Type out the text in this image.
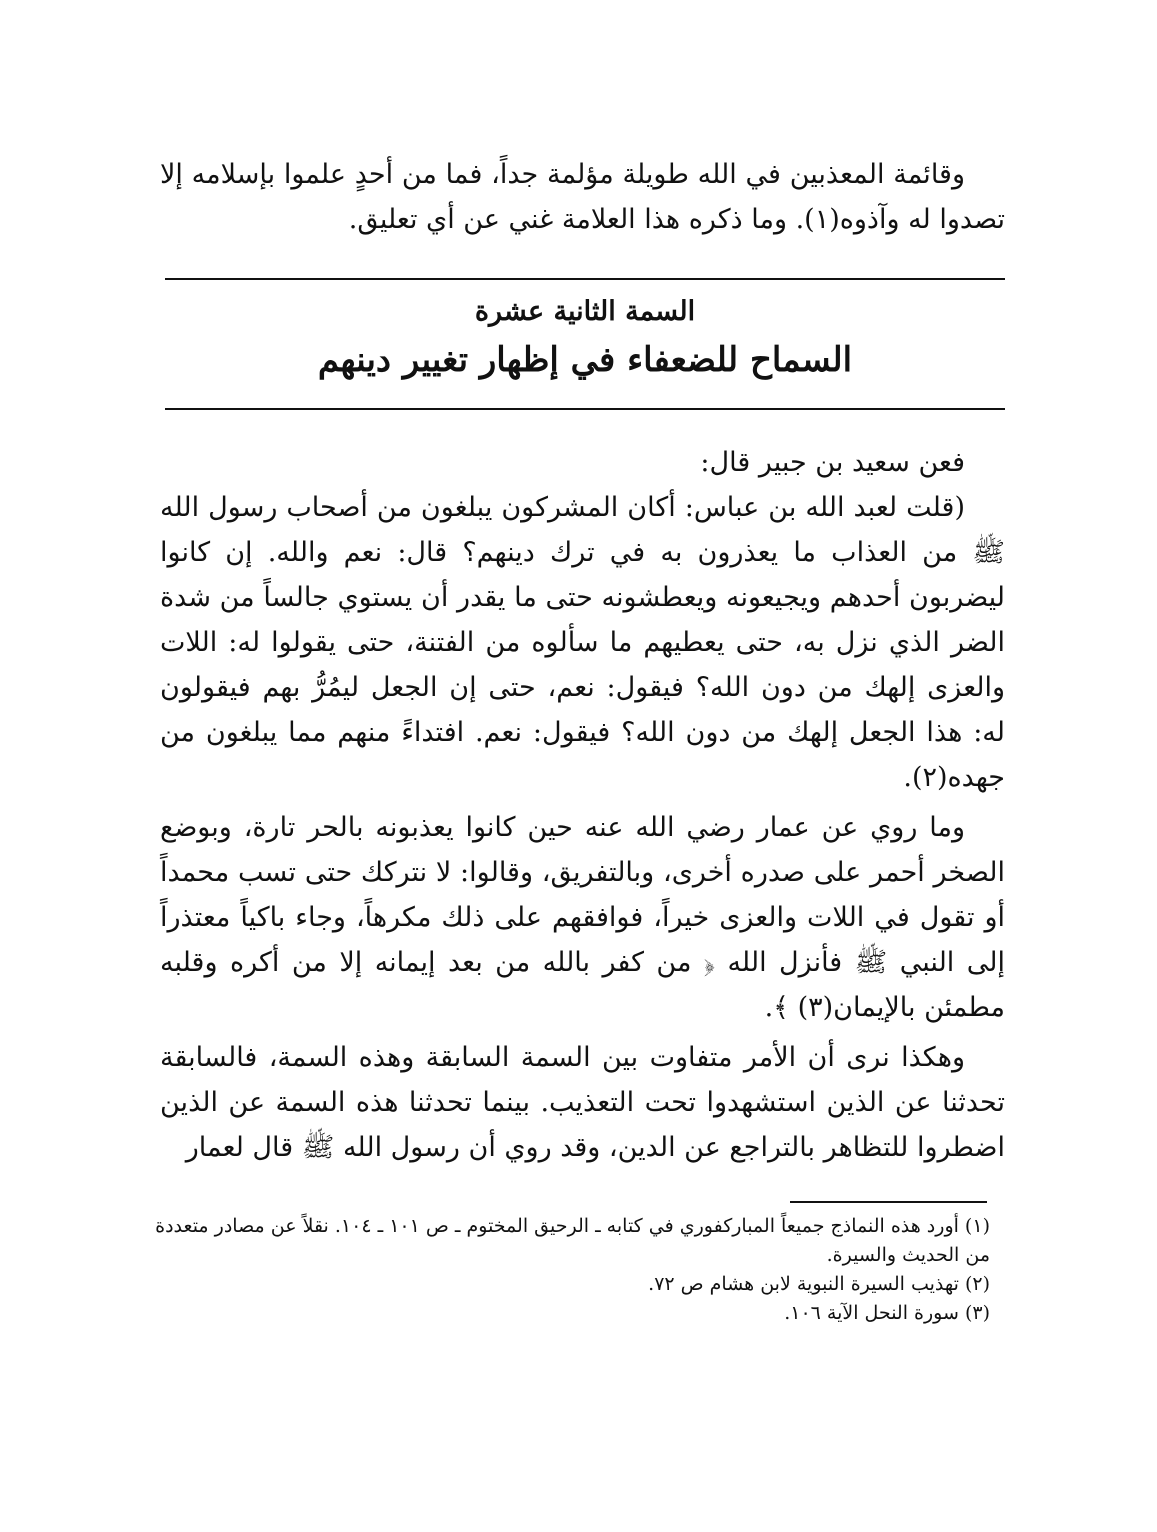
وقائمة المعذبين في الله طويلة مؤلمة جداً، فما من أحدٍ علموا بإسلامه إلا تصدوا له وآذوه(١). وما ذكره هذا العلامة غني عن أي تعليق.

السمة الثانية عشرة
السماح للضعفاء في إظهار تغيير دينهم

فعن سعيد بن جبير قال:

(قلت لعبد الله بن عباس: أكان المشركون يبلغون من أصحاب رسول الله ﷺ من العذاب ما يعذرون به في ترك دينهم؟ قال: نعم والله. إن كانوا ليضربون أحدهم ويجيعونه ويعطشونه حتى ما يقدر أن يستوي جالساً من شدة الضر الذي نزل به، حتى يعطيهم ما سألوه من الفتنة، حتى يقولوا له: اللات والعزى إلهك من دون الله؟ فيقول: نعم، حتى إن الجعل ليمُرُّ بهم فيقولون له: هذا الجعل إلهك من دون الله؟ فيقول: نعم. افتداءً منهم مما يبلغون من جهده(٢).

وما روي عن عمار رضي الله عنه حين كانوا يعذبونه بالحر تارة، وبوضع الصخر أحمر على صدره أخرى، وبالتفريق، وقالوا: لا نتركك حتى تسب محمداً أو تقول في اللات والعزى خيراً، فوافقهم على ذلك مكرهاً، وجاء باكياً معتذراً إلى النبي ﷺ فأنزل الله ﴿ من كفر بالله من بعد إيمانه إلا من أكره وقلبه مطمئن بالإيمان(٣) ﴾.

وهكذا نرى أن الأمر متفاوت بين السمة السابقة وهذه السمة، فالسابقة تحدثنا عن الذين استشهدوا تحت التعذيب. بينما تحدثنا هذه السمة عن الذين اضطروا للتظاهر بالتراجع عن الدين، وقد روي أن رسول الله ﷺ قال لعمار

(١) أورد هذه النماذج جميعاً المباركفوري في كتابه ـ الرحيق المختوم ـ ص ١٠١ ـ ١٠٤. نقلاً عن مصادر متعددة من الحديث والسيرة.
(٢) تهذيب السيرة النبوية لابن هشام ص ٧٢.
(٣) سورة النحل الآية ١٠٦.
